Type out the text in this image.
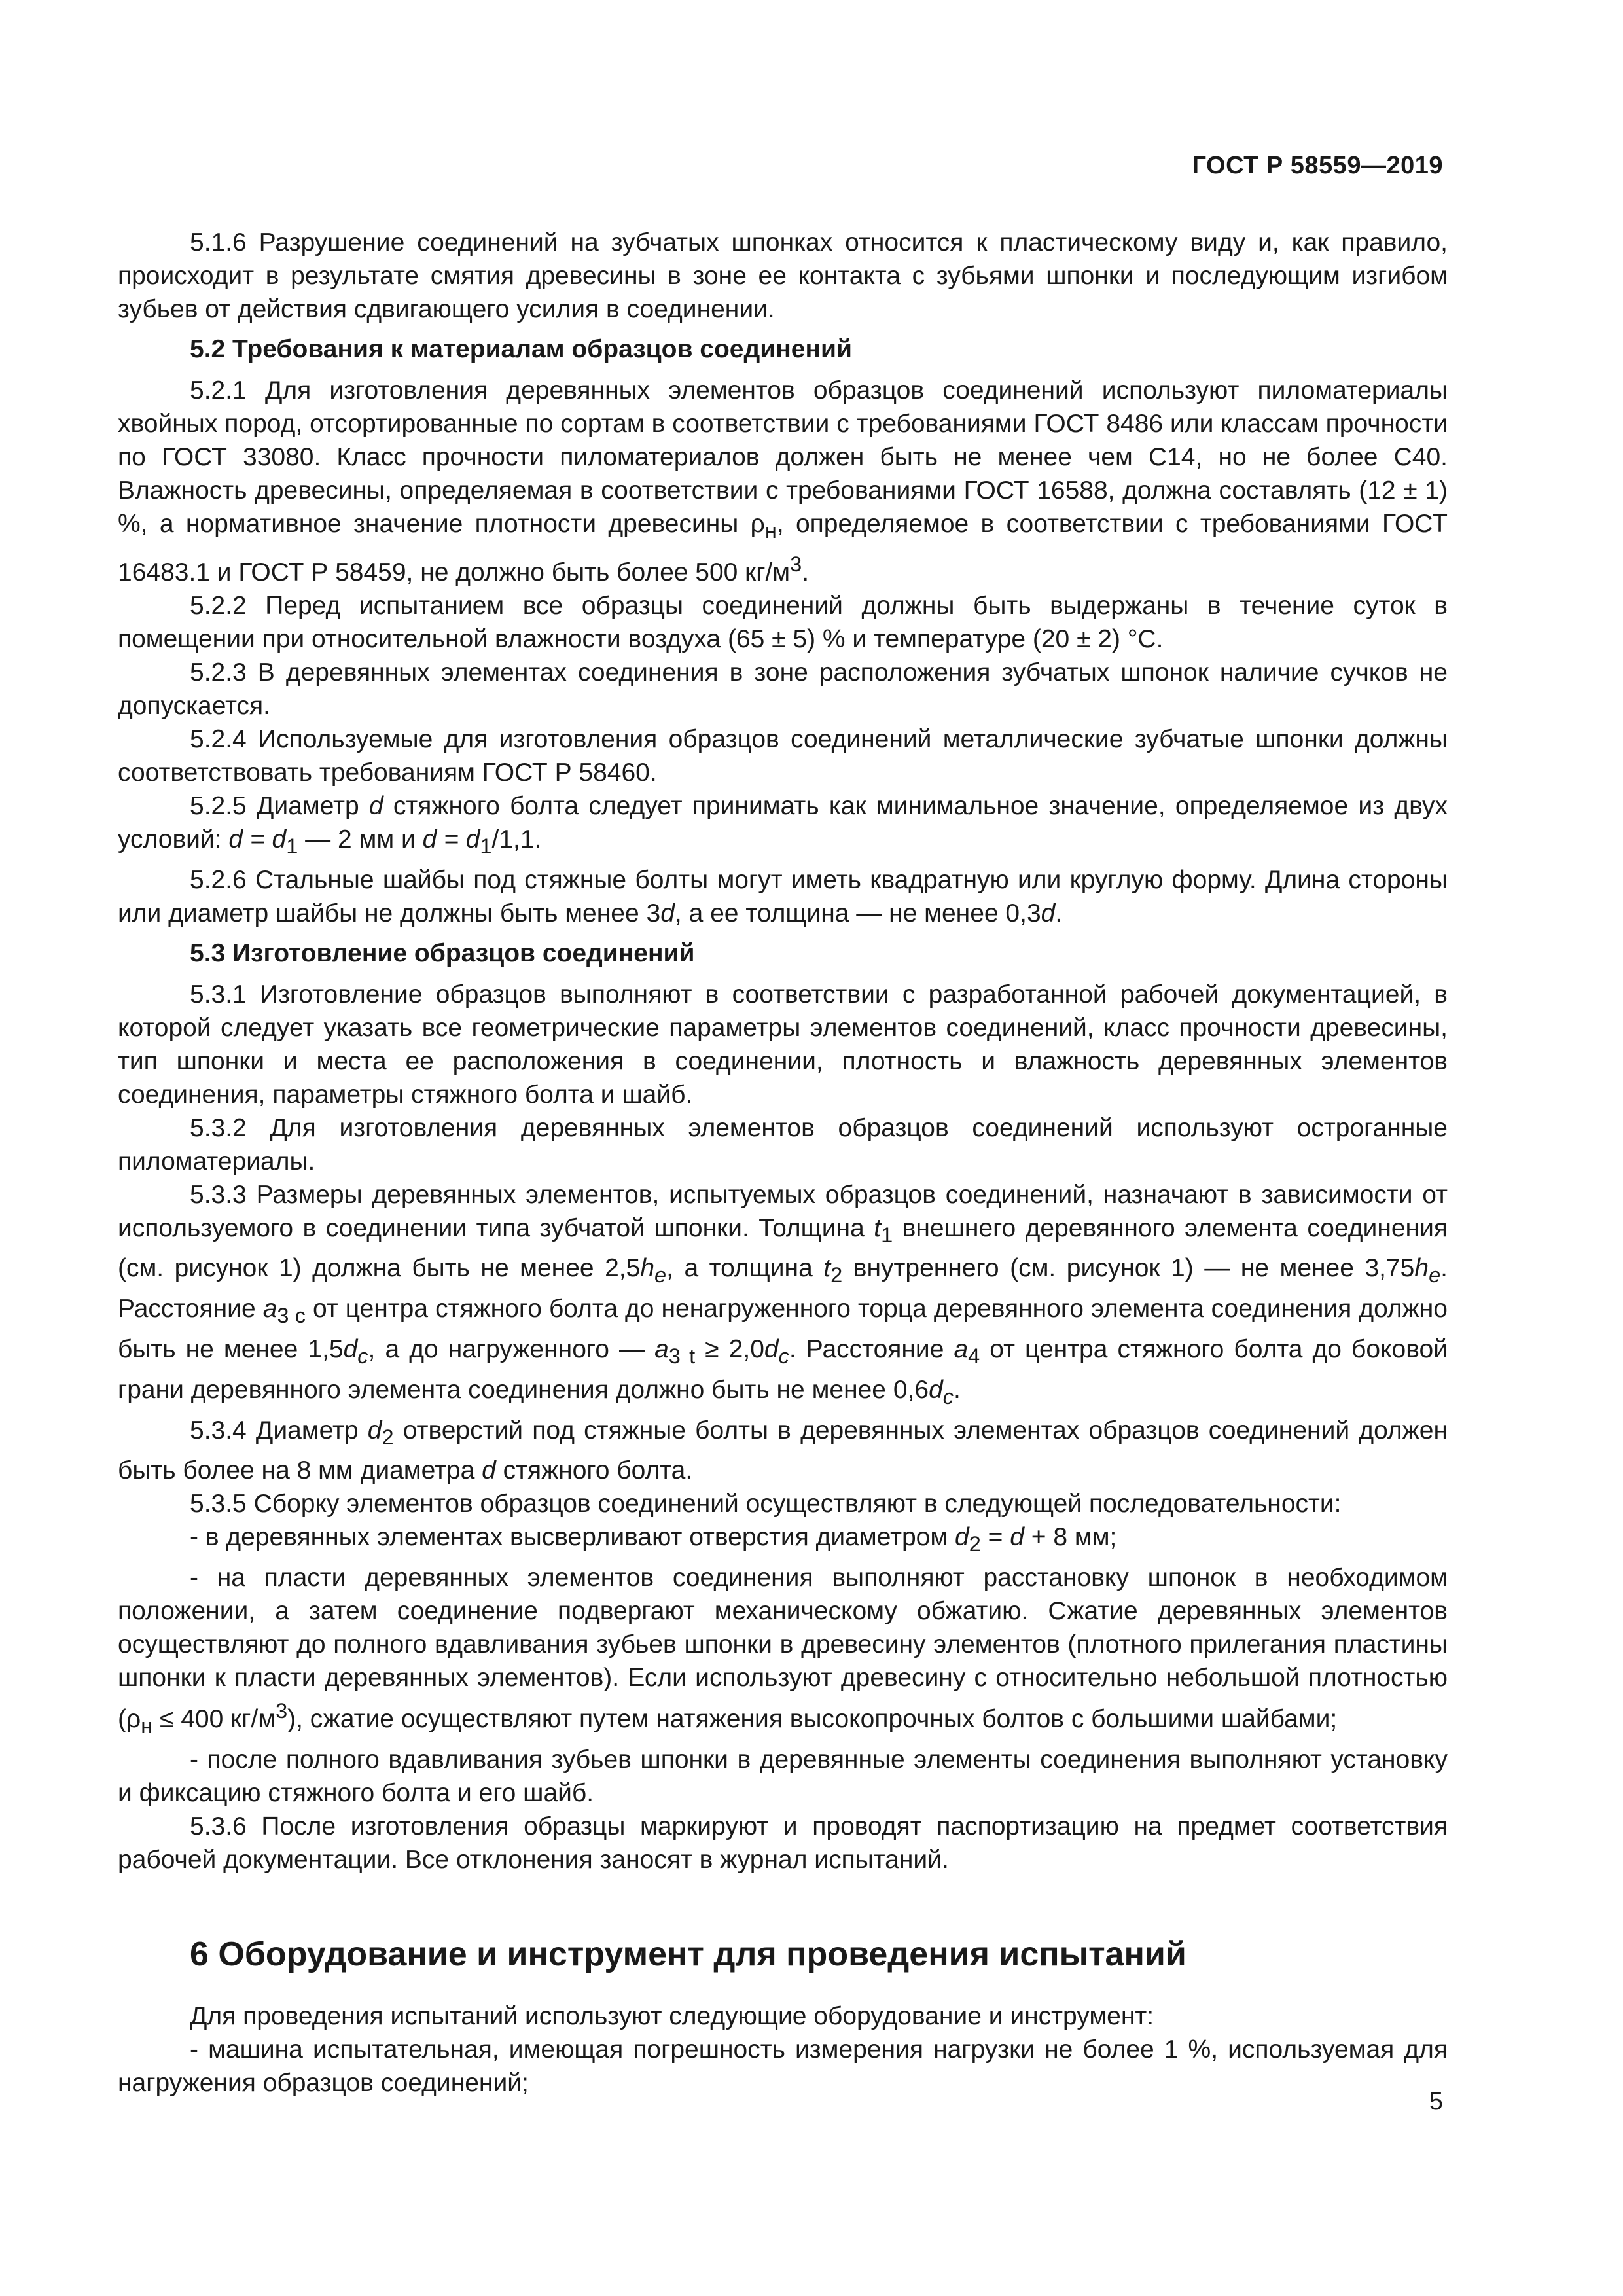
ГОСТ Р 58559—2019

5.1.6 Разрушение соединений на зубчатых шпонках относится к пластическому виду и, как правило, происходит в результате смятия древесины в зоне ее контакта с зубьями шпонки и последующим изгибом зубьев от действия сдвигающего усилия в соединении.

5.2 Требования к материалам образцов соединений

5.2.1 Для изготовления деревянных элементов образцов соединений используют пиломатериалы хвойных пород, отсортированные по сортам в соответствии с требованиями ГОСТ 8486 или классам прочности по ГОСТ 33080. Класс прочности пиломатериалов должен быть не менее чем С14, но не более С40. Влажность древесины, определяемая в соответствии с требованиями ГОСТ 16588, должна составлять (12 ± 1) %, а нормативное значение плотности древесины $\rho_н$, определяемое в соответствии с требованиями ГОСТ 16483.1 и ГОСТ Р 58459, не должно быть более 500 $кг/м^3$.

5.2.2 Перед испытанием все образцы соединений должны быть выдержаны в течение суток в помещении при относительной влажности воздуха (65 ± 5) % и температуре (20 ± 2) °С.

5.2.3 В деревянных элементах соединения в зоне расположения зубчатых шпонок наличие сучков не допускается.

5.2.4 Используемые для изготовления образцов соединений металлические зубчатые шпонки должны соответствовать требованиям ГОСТ Р 58460.

5.2.5 Диаметр d стяжного болта следует принимать как минимальное значение, определяемое из двух условий: $d = d_1$ — 2 мм и $d = d_1/1,1$.

5.2.6 Стальные шайбы под стяжные болты могут иметь квадратную или круглую форму. Длина стороны или диаметр шайбы не должны быть менее 3d, а ее толщина — не менее 0,3d.

5.3 Изготовление образцов соединений

5.3.1 Изготовление образцов выполняют в соответствии с разработанной рабочей документацией, в которой следует указать все геометрические параметры элементов соединений, класс прочности древесины, тип шпонки и места ее расположения в соединении, плотность и влажность деревянных элементов соединения, параметры стяжного болта и шайб.

5.3.2 Для изготовления деревянных элементов образцов соединений используют остроганные пиломатериалы.

5.3.3 Размеры деревянных элементов, испытуемых образцов соединений, назначают в зависимости от используемого в соединении типа зубчатой шпонки. Толщина $t_1$ внешнего деревянного элемента соединения (см. рисунок 1) должна быть не менее $2,5h_e$, а толщина $t_2$ внутреннего (см. рисунок 1) — не менее $3,75h_e$. Расстояние $a_{3 c}$ от центра стяжного болта до ненагруженного торца деревянного элемента соединения должно быть не менее $1,5d_c$, а до нагруженного — $a_{3 t} \ge 2,0d_c$. Расстояние $a_4$ от центра стяжного болта до боковой грани деревянного элемента соединения должно быть не менее $0,6d_c$.

5.3.4 Диаметр $d_2$ отверстий под стяжные болты в деревянных элементах образцов соединений должен быть более на 8 мм диаметра d стяжного болта.

5.3.5 Сборку элементов образцов соединений осуществляют в следующей последовательности:

- в деревянных элементах высверливают отверстия диаметром $d_2 = d + 8$ мм;

- на пласти деревянных элементов соединения выполняют расстановку шпонок в необходимом положении, а затем соединение подвергают механическому обжатию. Сжатие деревянных элементов осуществляют до полного вдавливания зубьев шпонки в древесину элементов (плотного прилегания пластины шпонки к пласти деревянных элементов). Если используют древесину с относительно небольшой плотностью ($\rho_н \le 400$ $кг/м^3$), сжатие осуществляют путем натяжения высокопрочных болтов с большими шайбами;

- после полного вдавливания зубьев шпонки в деревянные элементы соединения выполняют установку и фиксацию стяжного болта и его шайб.

5.3.6 После изготовления образцы маркируют и проводят паспортизацию на предмет соответствия рабочей документации. Все отклонения заносят в журнал испытаний.

6 Оборудование и инструмент для проведения испытаний

Для проведения испытаний используют следующие оборудование и инструмент:

- машина испытательная, имеющая погрешность измерения нагрузки не более 1 %, используемая для нагружения образцов соединений;

5
